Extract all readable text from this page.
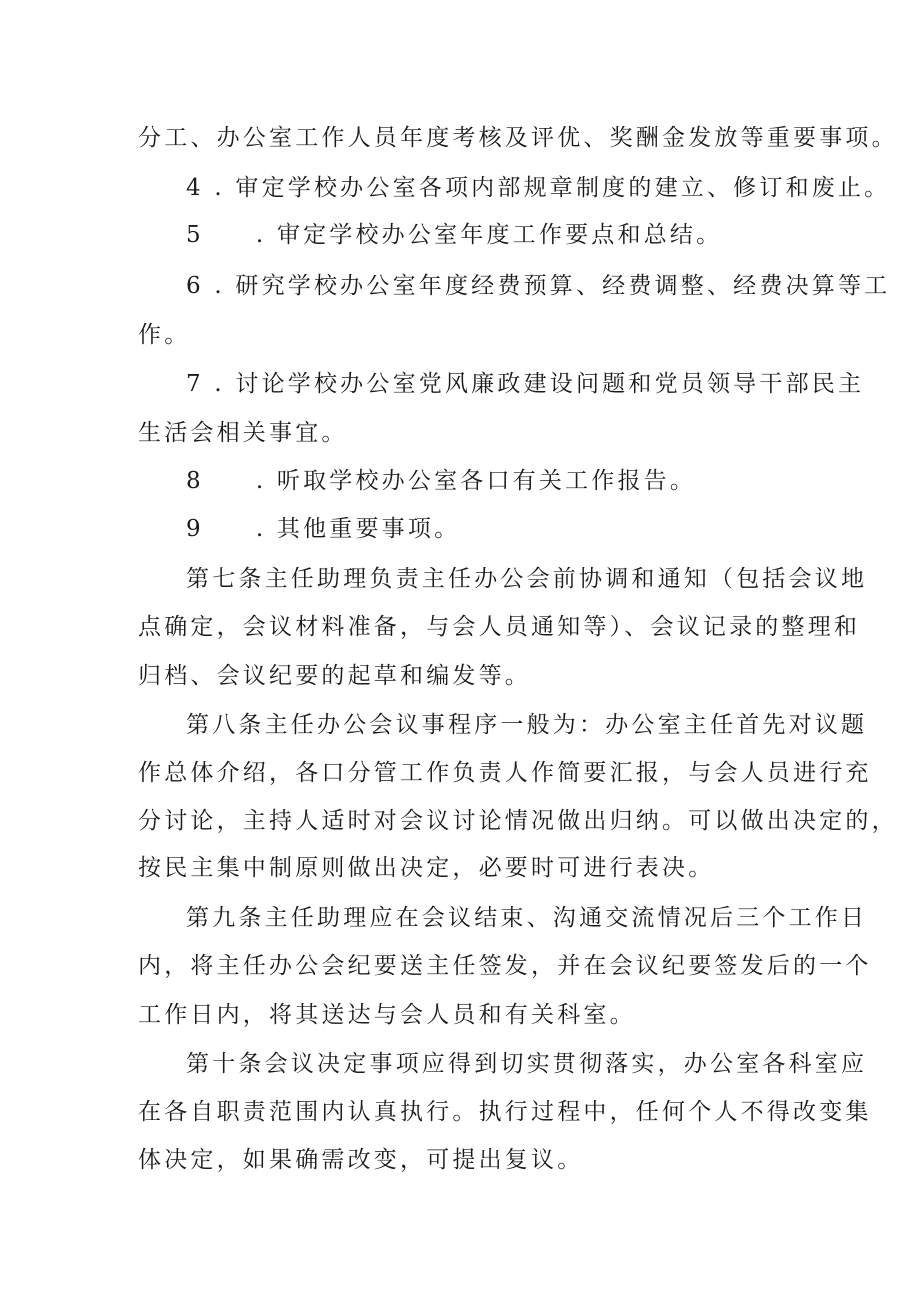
分工、办公室工作人员年度考核及评优、奖酬金发放等重要事项。
4 . 审定学校办公室各项内部规章制度的建立、修订和废止。
5 . 审定学校办公室年度工作要点和总结。
6 . 研究学校办公室年度经费预算、经费调整、经费决算等工
作。
7 . 讨论学校办公室党风廉政建设问题和党员领导干部民主
生活会相关事宜。
8 . 听取学校办公室各口有关工作报告。
9 . 其他重要事项。
第七条主任助理负责主任办公会前协调和通知（包括会议地
点确定，会议材料准备，与会人员通知等）、会议记录的整理和
归档、会议纪要的起草和编发等。
第八条主任办公会议事程序一般为：办公室主任首先对议题
作总体介绍，各口分管工作负责人作简要汇报，与会人员进行充
分讨论，主持人适时对会议讨论情况做出归纳。可以做出决定的，
按民主集中制原则做出决定，必要时可进行表决。
第九条主任助理应在会议结束、沟通交流情况后三个工作日
内，将主任办公会纪要送主任签发，并在会议纪要签发后的一个
工作日内，将其送达与会人员和有关科室。
第十条会议决定事项应得到切实贯彻落实，办公室各科室应
在各自职责范围内认真执行。执行过程中，任何个人不得改变集
体决定，如果确需改变，可提出复议。
